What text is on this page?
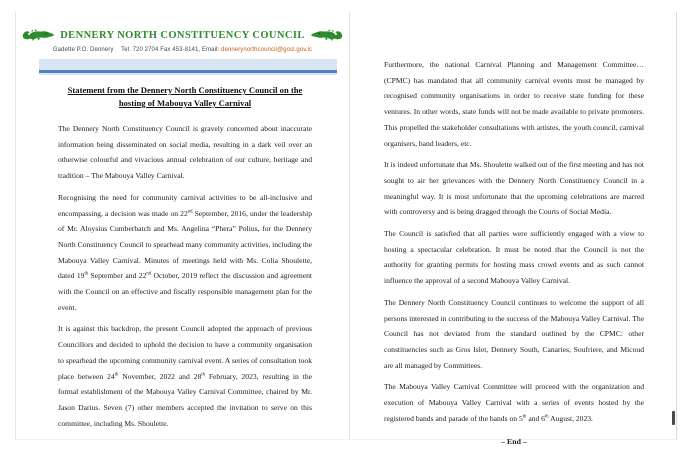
DENNERY NORTH CONSTITUENCY COUNCIL
Gadette P.O. Dennery Tel. 720 2704 Fax 453-8141, Email: dennerynorthcouncil@gosl.gov.lc
Statement from the Dennery North Constituency Council on the hosting of Mabouya Valley Carnival

The Dennery North Constituency Council is gravely concerned about inaccurate information being disseminated on social media, resulting in a dark veil over an otherwise colourful and vivacious annual celebration of our culture, heritage and tradition – The Mabouya Valley Carnival.

Recognising the need for community carnival activities to be all-inclusive and encompassing, a decision was made on 22nd September, 2016, under the leadership of Mr. Aloysius Cumberbatch and Ms. Angelina “Phera” Polius, for the Dennery North Constituency Council to spearhead many community activities, including the Mabouya Valley Carnival. Minutes of meetings held with Ms. Colia Shoulette, dated 19th September and 22nd October, 2019 reflect the discussion and agreement with the Council on an effective and fiscally responsible management plan for the event.

It is against this backdrop, the present Council adopted the approach of previous Councillors and decided to uphold the decision to have a community organisation to spearhead the upcoming community carnival event. A series of consultation took place between 24th November, 2022 and 28th February, 2023, resulting in the formal establishment of the Mabouya Valley Carnival Committee, chaired by Mr. Jason Darius. Seven (7) other members accepted the invitation to serve on this committee, including Ms. Shoulette.

Furthermore, the national Carnival Planning and Management Committee… (CPMC) has mandated that all community carnival events must be managed by recognised community organisations in order to receive state funding for these ventures. In other words, state funds will not be made available to private promoters. This propelled the stakeholder consultations with artistes, the youth council, carnival organisers, band leaders, etc.

It is indeed unfortunate that Ms. Shoulette walked out of the first meeting and has not sought to air her grievances with the Dennery North Constituency Council in a meaningful way. It is most unfortunate that the upcoming celebrations are marred with controversy and is being dragged through the Courts of Social Media.

The Council is satisfied that all parties were sufficiently engaged with a view to hosting a spectacular celebration. It must be noted that the Council is not the authority for granting permits for hosting mass crowd events and as such cannot influence the approval of a second Mabouya Valley Carnival.

The Dennery North Constituency Council continues to welcome the support of all persons interested in contributing to the success of the Mabouya Valley Carnival. The Council has not deviated from the standard outlined by the CPMC: other constituencies such as Gros Islet, Dennery South, Canaries, Soufriere, and Micoud are all managed by Committees.

The Mabouya Valley Carnival Committee will proceed with the organization and execution of Mabouya Valley Carnival with a series of events hosted by the registered bands and parade of the bands on 5th and 6th August, 2023.

– End –
